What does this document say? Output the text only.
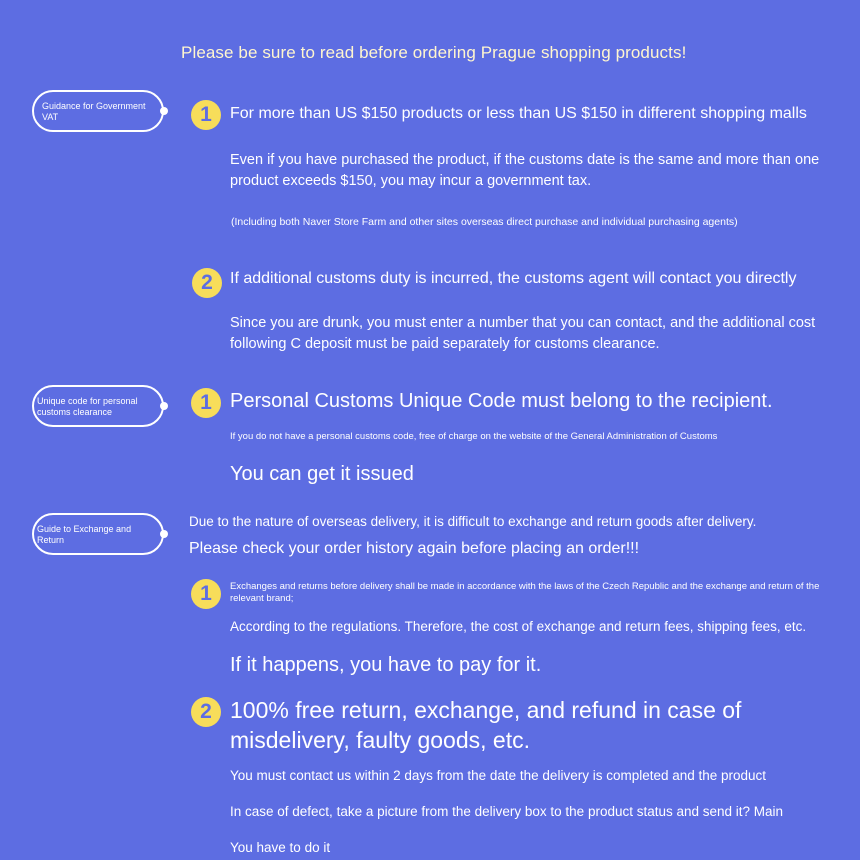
Please be sure to read before ordering Prague shopping products!
Guidance for Government VAT	1	For more than US $150 products or less than US $150 in different shopping malls
Even if you have purchased the product, if the customs date is the same and more than one product exceeds $150, you may incur a government tax.
(Including both Naver Store Farm and other sites overseas direct purchase and individual purchasing agents)
2	If additional customs duty is incurred, the customs agent will contact you directly
Since you are drunk, you must enter a number that you can contact, and the additional cost following C deposit must be paid separately for customs clearance.
Unique code for personal customs clearance	1 Personal Customs Unique Code must belong to the recipient.
If you do not have a personal customs code, free of charge on the website of the General Administration of Customs
You can get it issued
Guide to Exchange and Return
Due to the nature of overseas delivery, it is difficult to exchange and return goods after delivery.
Please check your order history again before placing an order!!!
1	Exchanges and returns before delivery shall be made in accordance with the laws of the Czech Republic and the exchange and return of the relevant brand;
According to the regulations. Therefore, the cost of exchange and return fees, shipping fees, etc.
If it happens, you have to pay for it.
2 100% free return, exchange, and refund in case of misdelivery, faulty goods, etc.
You must contact us within 2 days from the date the delivery is completed and the product
In case of defect, take a picture from the delivery box to the product status and send it? Main
You have to do it
